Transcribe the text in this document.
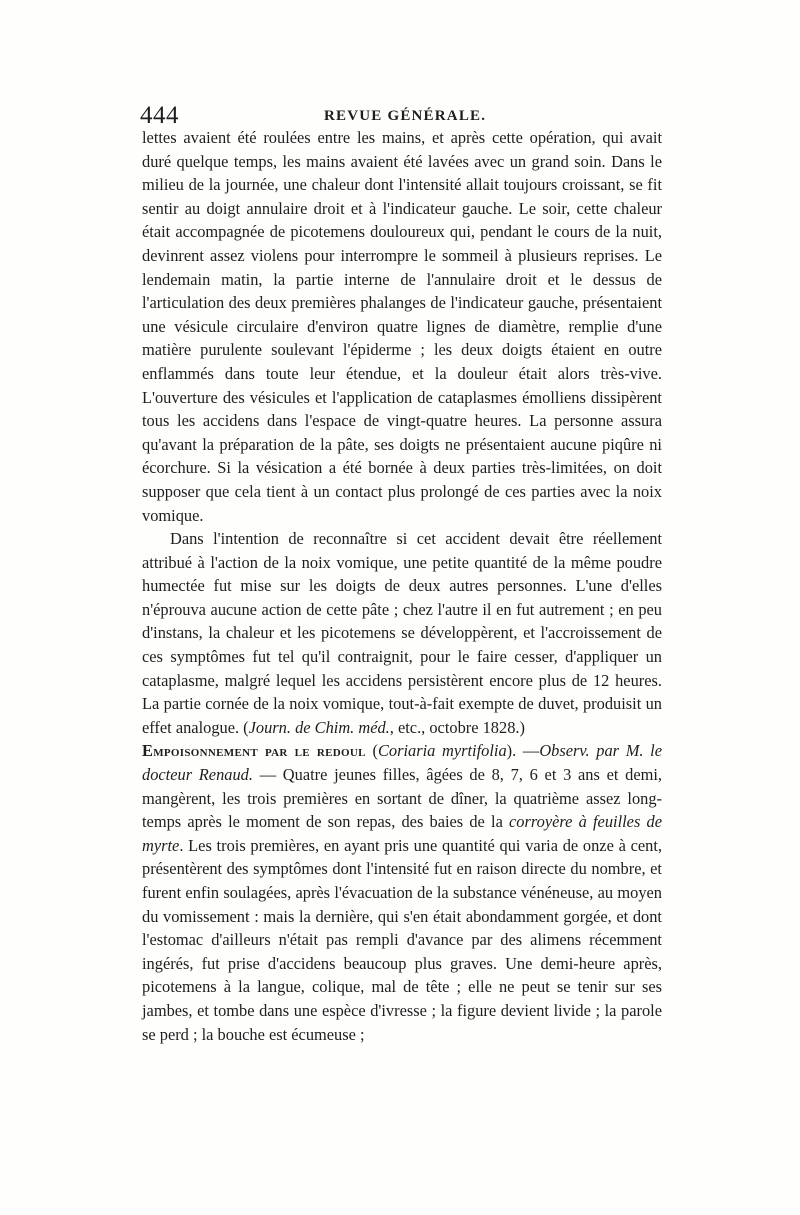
444	REVUE GÉNÉRALE.

lettes avaient été roulées entre les mains, et après cette opération, qui avait duré quelque temps, les mains avaient été lavées avec un grand soin. Dans le milieu de la journée, une chaleur dont l'intensité allait toujours croissant, se fit sentir au doigt annulaire droit et à l'indicateur gauche. Le soir, cette chaleur était accompagnée de picotemens douloureux qui, pendant le cours de la nuit, devinrent assez violens pour interrompre le sommeil à plusieurs reprises. Le lendemain matin, la partie interne de l'annulaire droit et le dessus de l'articulation des deux premières phalanges de l'indicateur gauche, présentaient une vésicule circulaire d'environ quatre lignes de diamètre, remplie d'une matière purulente soulevant l'épiderme ; les deux doigts étaient en outre enflammés dans toute leur étendue, et la douleur était alors très-vive. L'ouverture des vésicules et l'application de cataplasmes émolliens dissipèrent tous les accidens dans l'espace de vingt-quatre heures. La personne assura qu'avant la préparation de la pâte, ses doigts ne présentaient aucune piqûre ni écorchure. Si la vésication a été bornée à deux parties très-limitées, on doit supposer que cela tient à un contact plus prolongé de ces parties avec la noix vomique.

Dans l'intention de reconnaître si cet accident devait être réellement attribué à l'action de la noix vomique, une petite quantité de la même poudre humectée fut mise sur les doigts de deux autres personnes. L'une d'elles n'éprouva aucune action de cette pâte ; chez l'autre il en fut autrement ; en peu d'instans, la chaleur et les picotemens se développèrent, et l'accroissement de ces symptômes fut tel qu'il contraignit, pour le faire cesser, d'appliquer un cataplasme, malgré lequel les accidens persistèrent encore plus de 12 heures. La partie cornée de la noix vomique, tout-à-fait exempte de duvet, produisit un effet analogue. (Journ. de Chim. méd., etc., octobre 1828.)

Empoisonnement par le redoul (Coriaria myrtifolia). —Observ. par M. le docteur Renaud. — Quatre jeunes filles, âgées de 8, 7, 6 et 3 ans et demi, mangèrent, les trois premières en sortant de dîner, la quatrième assez long-temps après le moment de son repas, des baies de la corroyère à feuilles de myrte. Les trois premières, en ayant pris une quantité qui varia de onze à cent, présentèrent des symptômes dont l'intensité fut en raison directe du nombre, et furent enfin soulagées, après l'évacuation de la substance vénéneuse, au moyen du vomissement : mais la dernière, qui s'en était abondamment gorgée, et dont l'estomac d'ailleurs n'était pas rempli d'avance par des alimens récemment ingérés, fut prise d'accidens beaucoup plus graves. Une demi-heure après, picotemens à la langue, colique, mal de tête ; elle ne peut se tenir sur ses jambes, et tombe dans une espèce d'ivresse ; la figure devient livide ; la parole se perd ; la bouche est écumeuse ;
